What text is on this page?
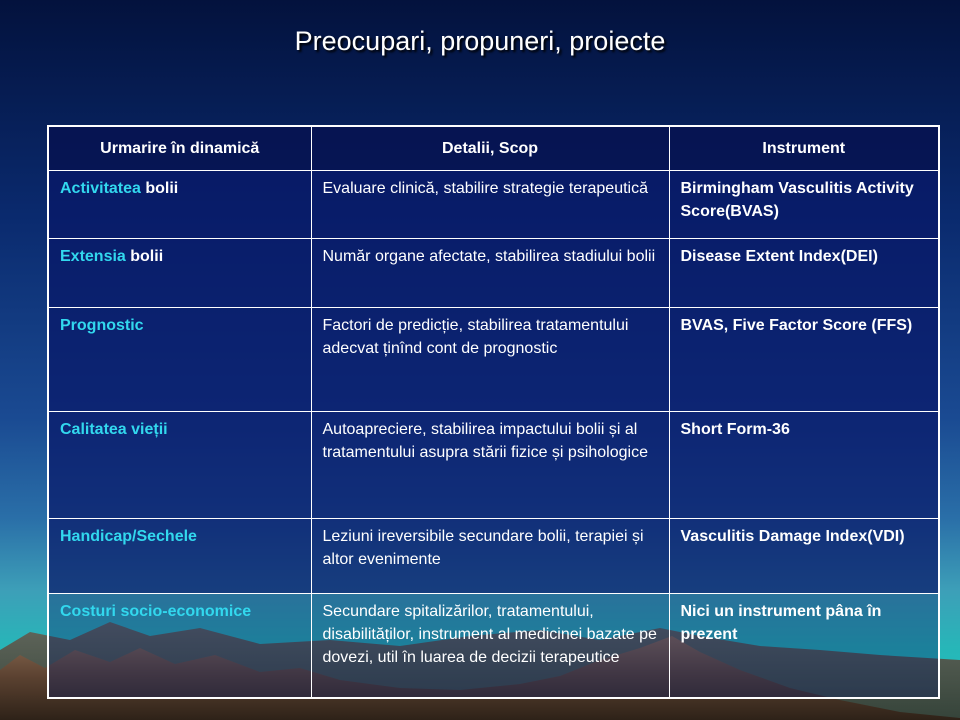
Preocupari, propuneri, proiecte
Urmarire în dinamică	Detalii, Scop	Instrument
Activitatea bolii	Evaluare clinică, stabilire strategie terapeutică	Birmingham Vasculitis Activity Score(BVAS)
Extensia bolii	Număr organe afectate, stabilirea stadiului bolii	Disease Extent Index(DEI)
Prognostic	Factori de predicție, stabilirea tratamentului adecvat ținînd cont de prognostic	BVAS, Five Factor Score (FFS)
Calitatea vieții	Autoapreciere, stabilirea impactului bolii și al tratamentului asupra stării fizice și psihologice	Short Form-36
Handicap/Sechele	Leziuni ireversibile secundare bolii, terapiei și altor evenimente	Vasculitis Damage Index(VDI)
Costuri socio-economice	Secundare spitalizărilor, tratamentului, disabilităților, instrument al medicinei bazate pe dovezi, util în luarea de decizii terapeutice	Nici un instrument pâna în prezent
